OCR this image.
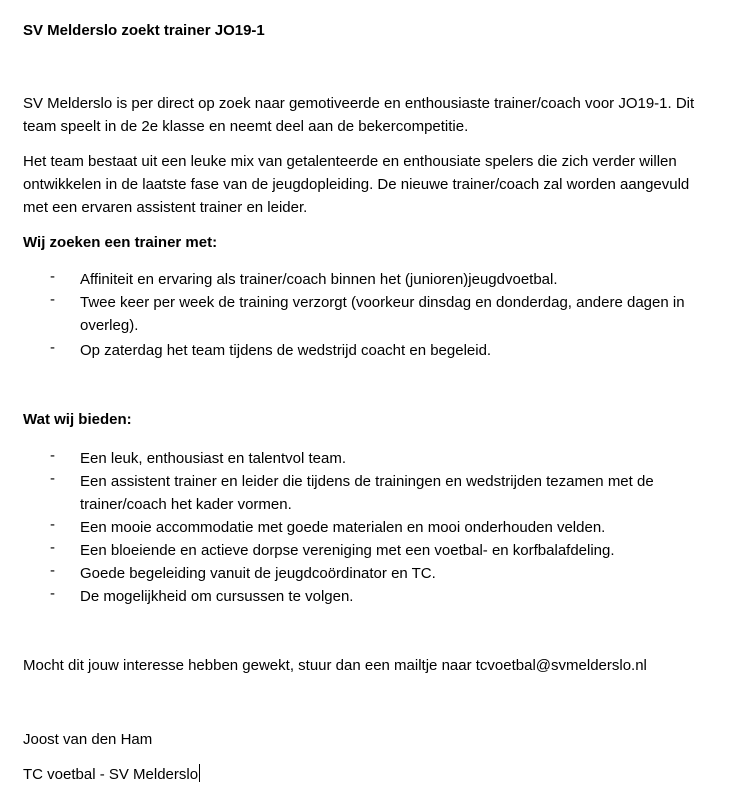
SV Melderslo zoekt trainer JO19-1
SV Melderslo is per direct op zoek naar gemotiveerde en enthousiaste trainer/coach voor JO19-1. Dit
team speelt in de 2e klasse en neemt deel aan de bekercompetitie.
Het team bestaat uit een leuke mix van getalenteerde en enthousiate spelers die zich verder willen
ontwikkelen in de laatste fase van de jeugdopleiding. De nieuwe trainer/coach zal worden aangevuld
met een ervaren assistent trainer en leider.
Wij zoeken een trainer met:
- Affiniteit en ervaring als trainer/coach binnen het (junioren)jeugdvoetbal.
- Twee keer per week de training verzorgt (voorkeur dinsdag en donderdag, andere dagen in overleg).
- Op zaterdag het team tijdens de wedstrijd coacht en begeleid.
Wat wij bieden:
- Een leuk, enthousiast en talentvol team.
- Een assistent trainer en leider die tijdens de trainingen en wedstrijden tezamen met de trainer/coach het kader vormen.
- Een mooie accommodatie met goede materialen en mooi onderhouden velden.
- Een bloeiende en actieve dorpse vereniging met een voetbal- en korfbalafdeling.
- Goede begeleiding vanuit de jeugdcoördinator en TC.
- De mogelijkheid om cursussen te volgen.
Mocht dit jouw interesse hebben gewekt, stuur dan een mailtje naar tcvoetbal@svmelderslo.nl
Joost van den Ham
TC voetbal - SV Melderslo
